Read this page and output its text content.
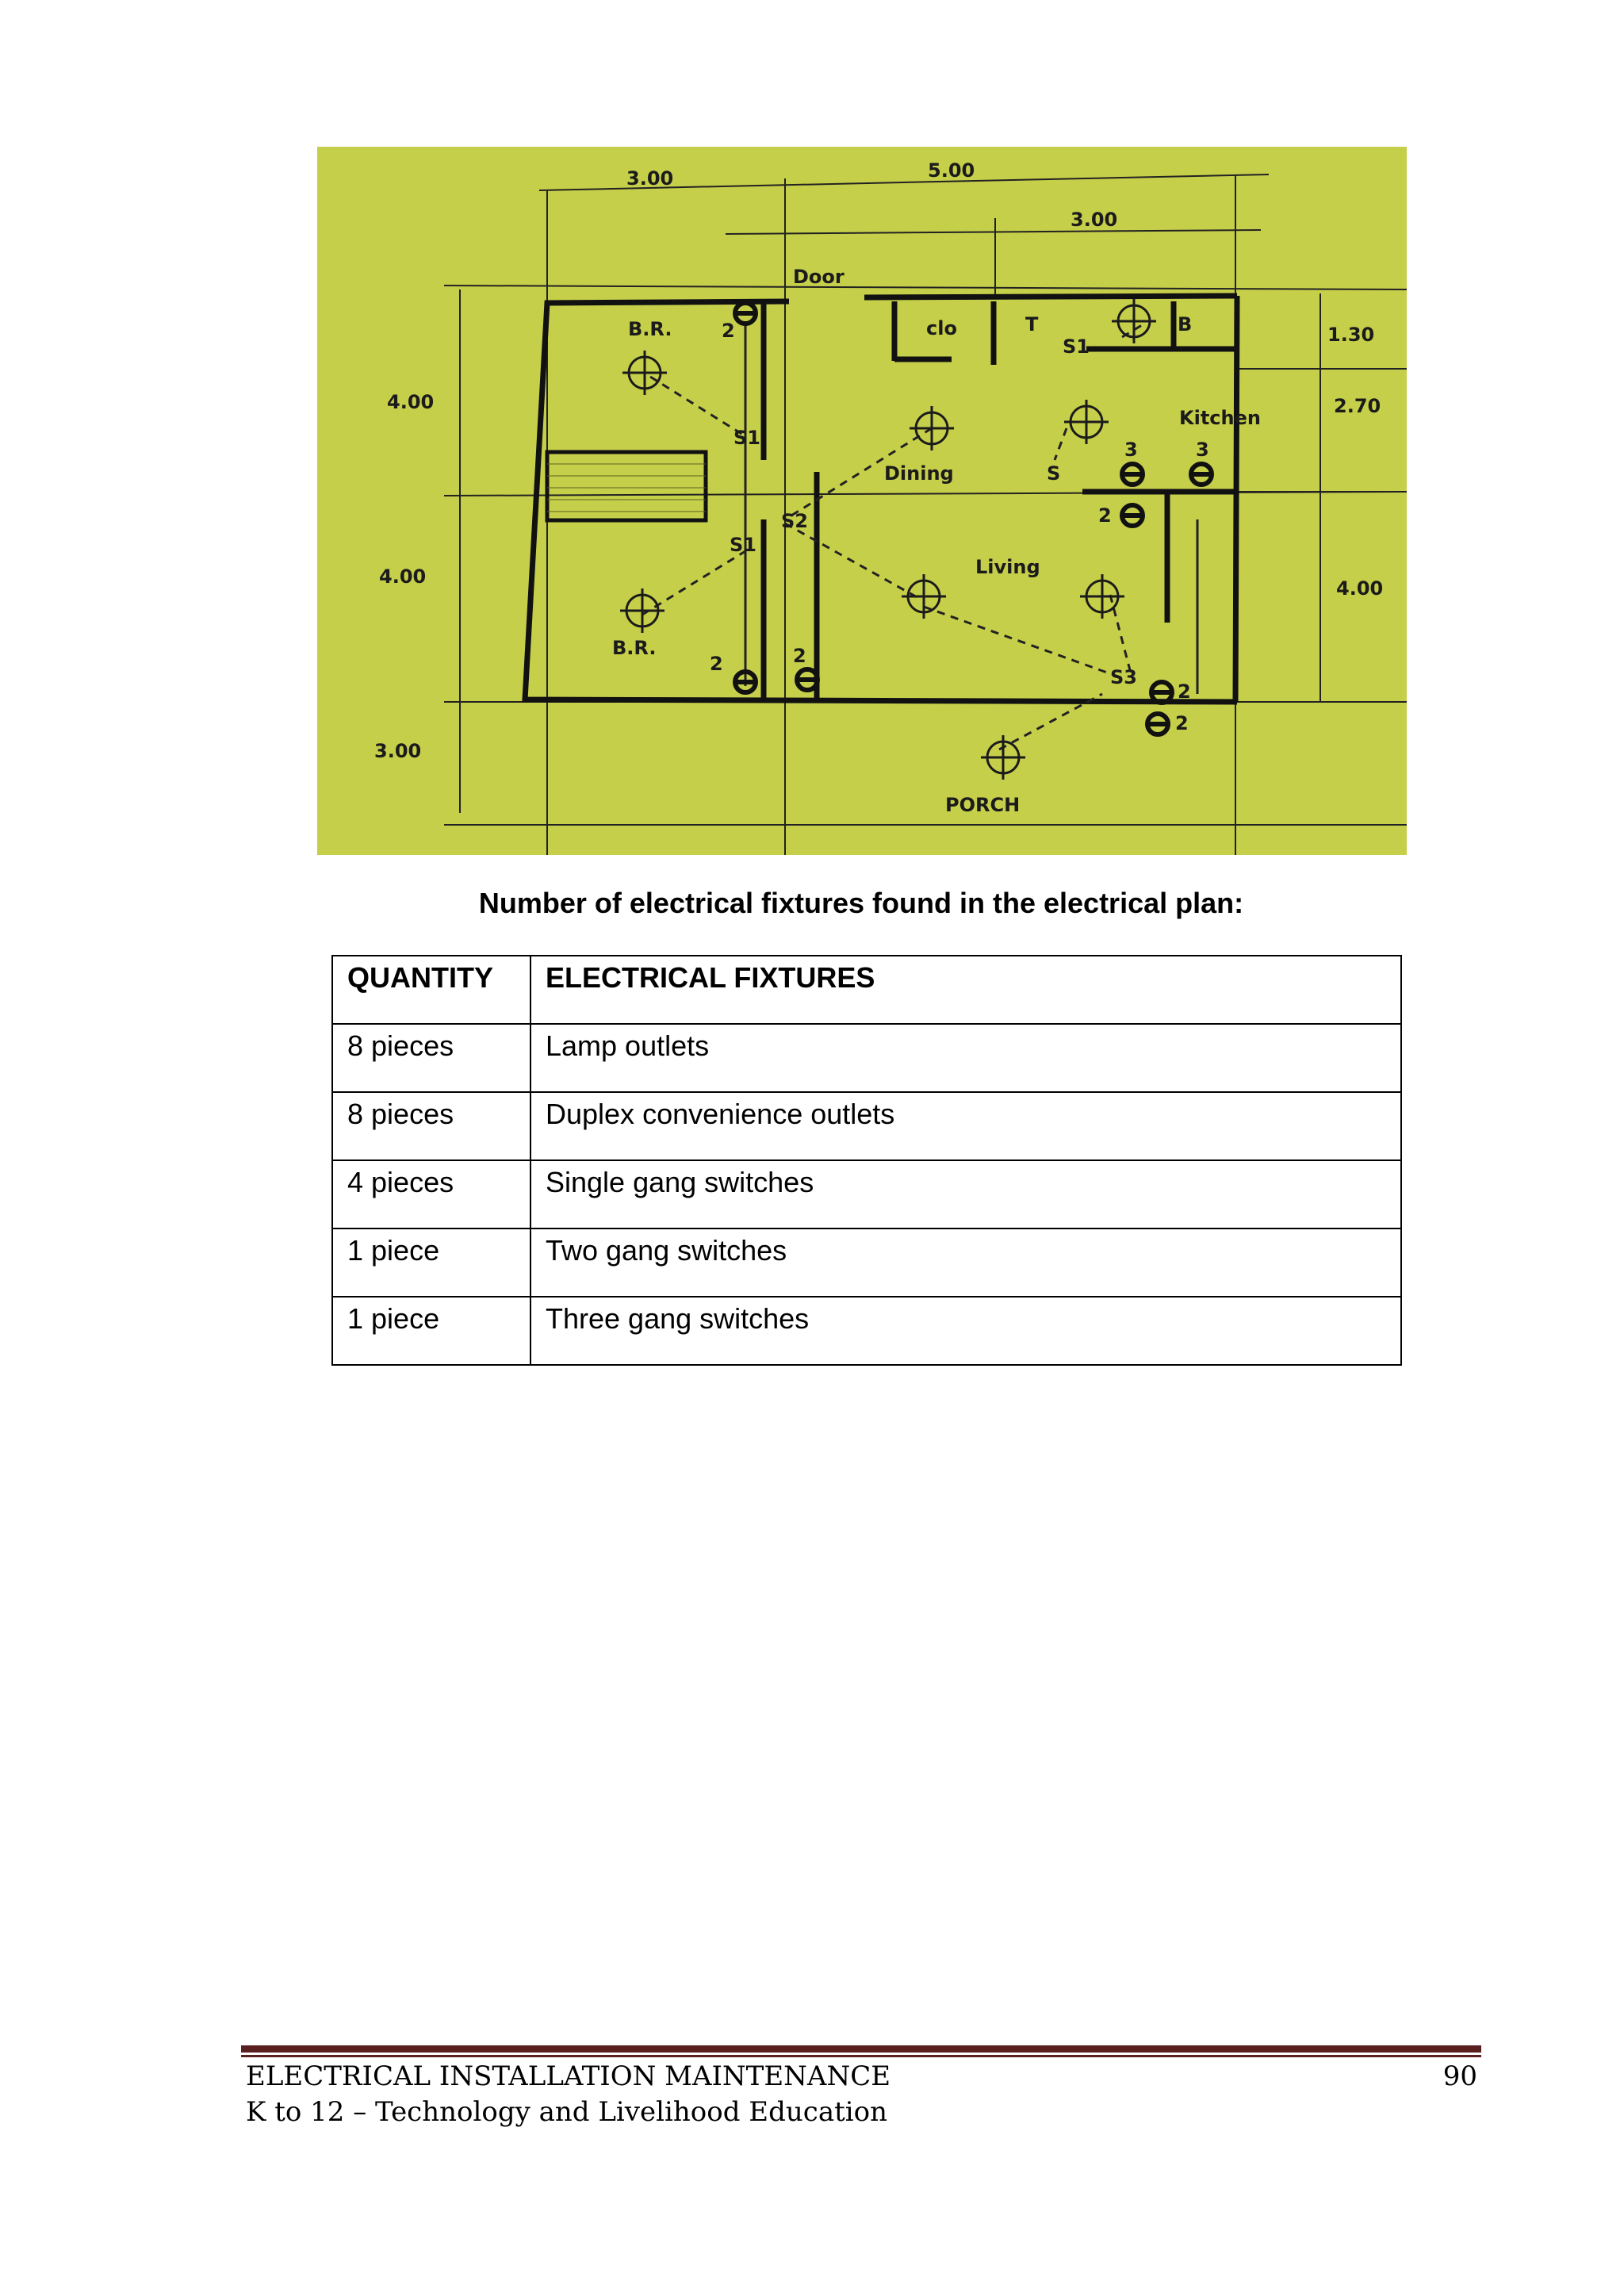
3.00	5.00
3.00
4.00
4.00
3.00
1.30
2.70
4.00
Door
clo	T	B
B.R.
B.R.
Kitchen
Dining
Living
PORCH
S1
S1
S1
S2
S
S3
2
3	3
2
2	2
2
2
Number of electrical fixtures found in the electrical plan:
QUANTITY	ELECTRICAL FIXTURES
8 pieces	Lamp outlets
8 pieces	Duplex convenience outlets
4 pieces	Single gang switches
1 piece	Two gang switches
1 piece	Three gang switches
ELECTRICAL INSTALLATION MAINTENANCE
K to 12 – Technology and Livelihood Education
90
